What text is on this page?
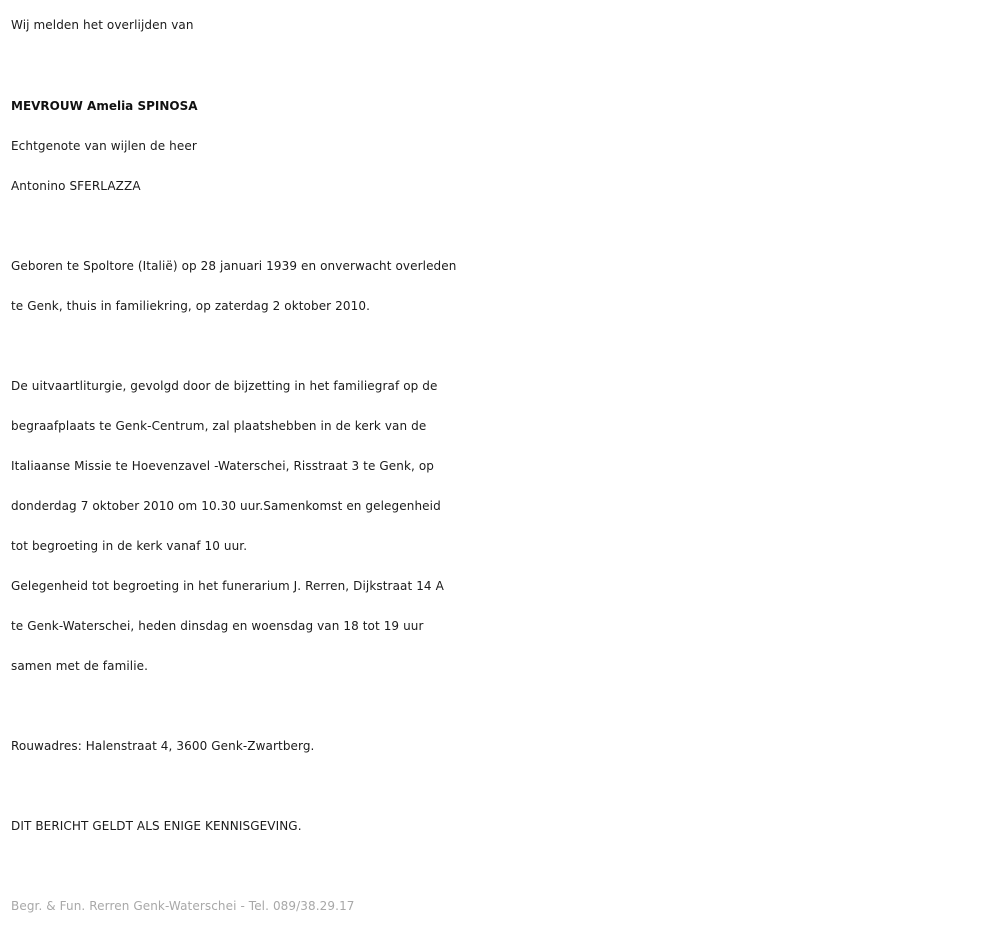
Wij melden het overlijden van
MEVROUW Amelia SPINOSA
Echtgenote van wijlen de heer
Antonino SFERLAZZA
Geboren te Spoltore (Italië) op 28 januari 1939 en onverwacht overleden
te Genk, thuis in familiekring, op zaterdag 2 oktober 2010.
De uitvaartliturgie, gevolgd door de bijzetting in het familiegraf op de
begraafplaats te Genk-Centrum, zal plaatshebben in de kerk van de
Italiaanse Missie te Hoevenzavel -Waterschei, Risstraat 3 te Genk, op
donderdag 7 oktober 2010 om 10.30 uur.Samenkomst en gelegenheid
tot begroeting in de kerk vanaf 10 uur.
Gelegenheid tot begroeting in het funerarium J. Rerren, Dijkstraat 14 A
te Genk-Waterschei, heden dinsdag en woensdag van 18 tot 19 uur
samen met de familie.
Rouwadres: Halenstraat 4, 3600 Genk-Zwartberg.
DIT BERICHT GELDT ALS ENIGE KENNISGEVING.
Begr. & Fun. Rerren Genk-Waterschei - Tel. 089/38.29.17
